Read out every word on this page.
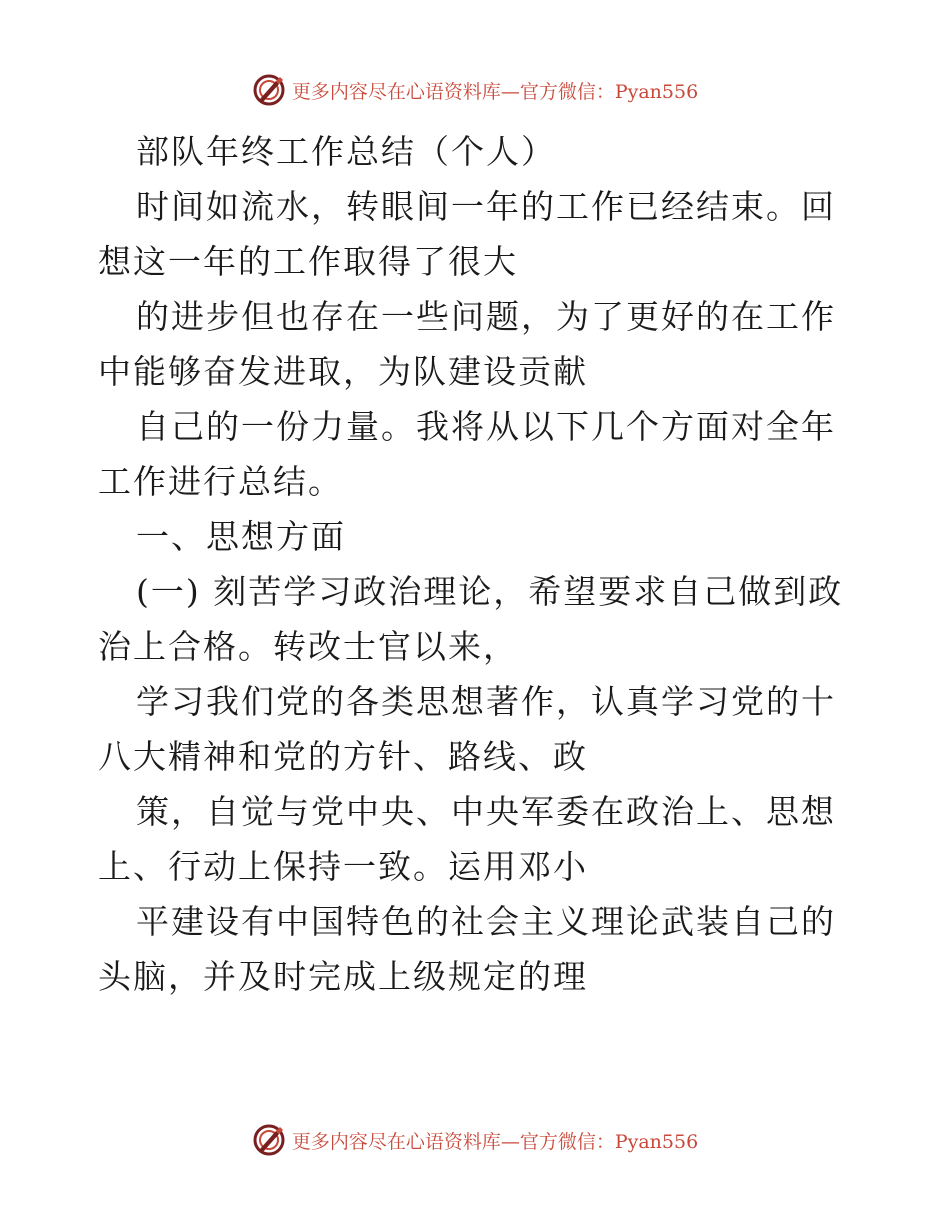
更多内容尽在心语资料库—官方微信：Pyan556

部队年终工作总结（个人）

时间如流水，转眼间一年的工作已经结束。回想这一年的工作取得了很大

的进步但也存在一些问题，为了更好的在工作中能够奋发进取，为队建设贡献

自己的一份力量。我将从以下几个方面对全年工作进行总结。

一、思想方面

(一) 刻苦学习政治理论，希望要求自己做到政治上合格。转改士官以来，

学习我们党的各类思想著作，认真学习党的十八大精神和党的方针、路线、政

策，自觉与党中央、中央军委在政治上、思想上、行动上保持一致。运用邓小

平建设有中国特色的社会主义理论武装自己的头脑，并及时完成上级规定的理

更多内容尽在心语资料库—官方微信：Pyan556
